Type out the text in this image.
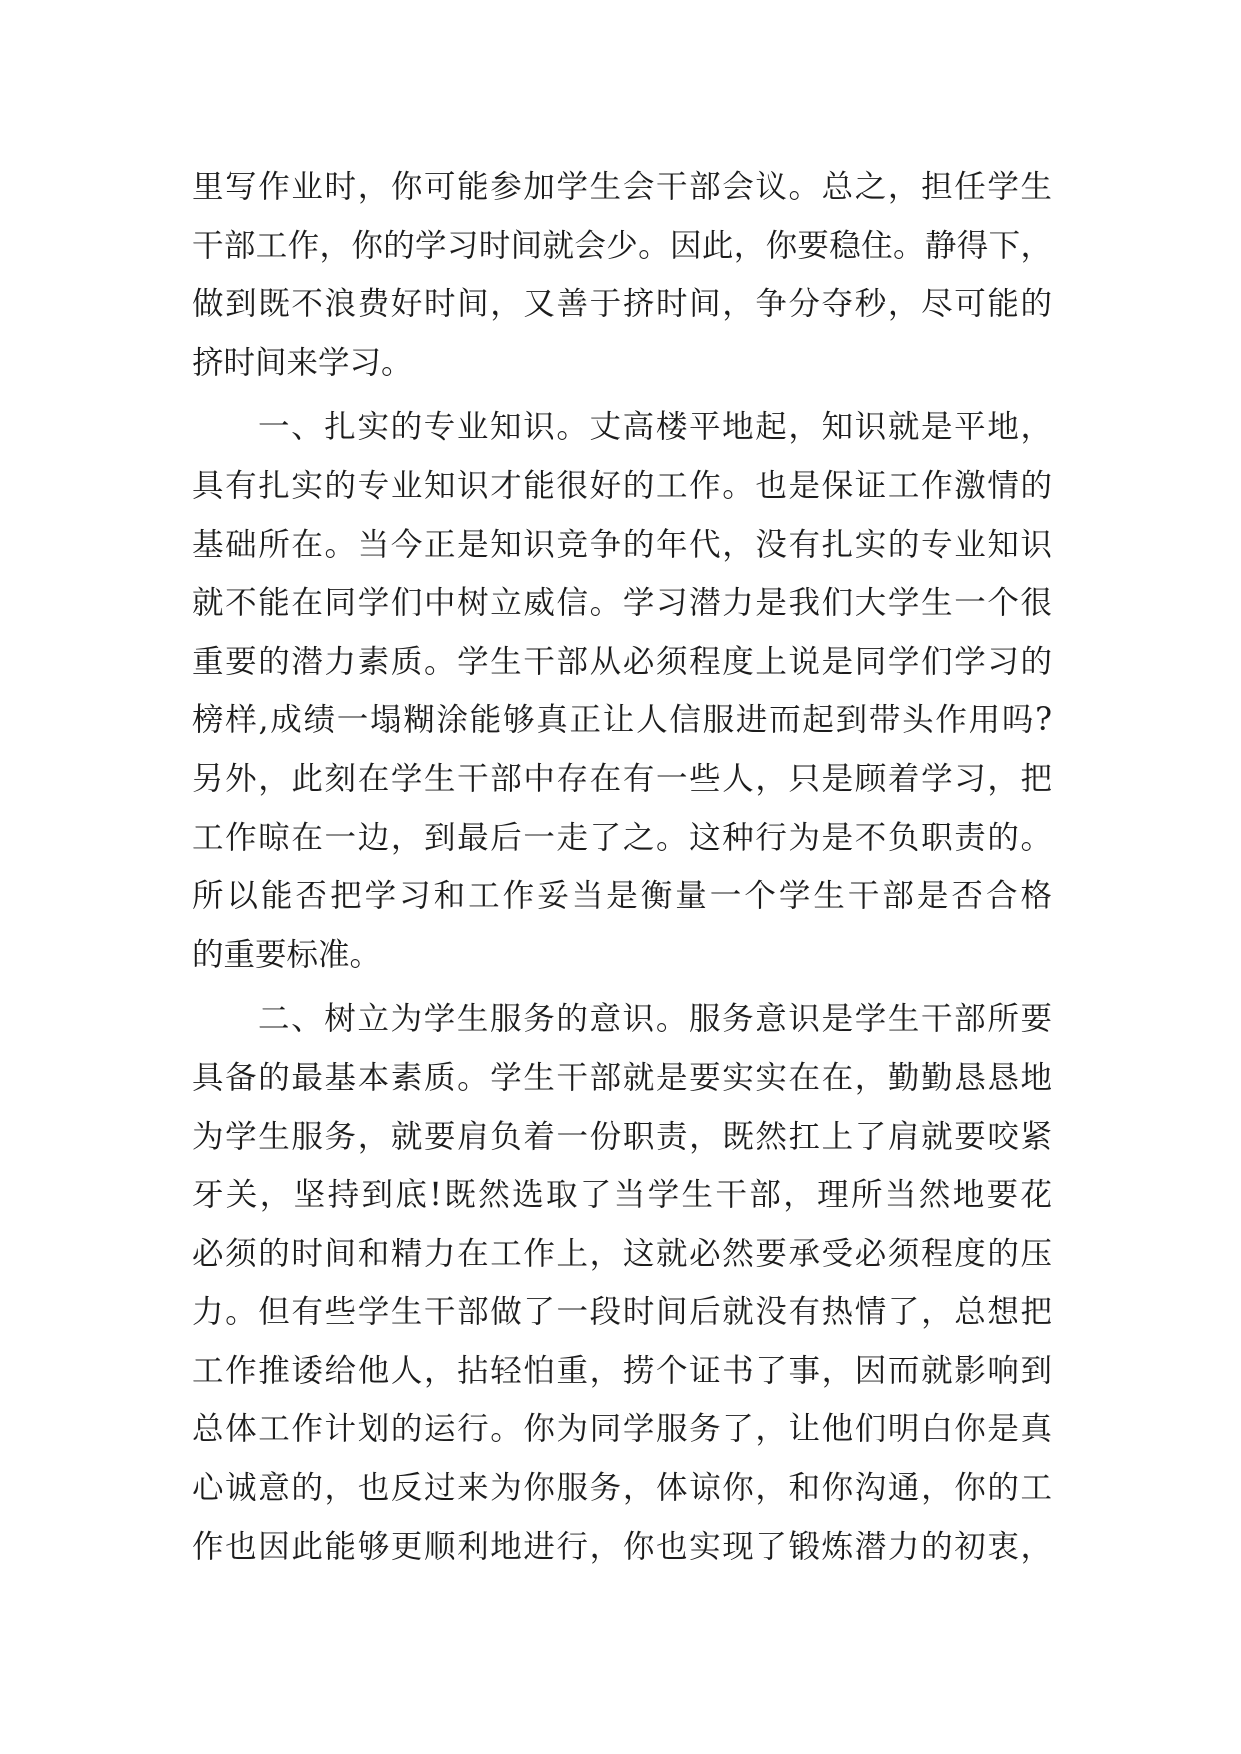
里写作业时，你可能参加学生会干部会议。总之，担任学生
干部工作，你的学习时间就会少。因此，你要稳住。静得下，
做到既不浪费好时间，又善于挤时间，争分夺秒，尽可能的
挤时间来学习。
一、扎实的专业知识。丈高楼平地起，知识就是平地，
具有扎实的专业知识才能很好的工作。也是保证工作激情的
基础所在。当今正是知识竞争的年代，没有扎实的专业知识
就不能在同学们中树立威信。学习潜力是我们大学生一个很
重要的潜力素质。学生干部从必须程度上说是同学们学习的
榜样,成绩一塌糊涂能够真正让人信服进而起到带头作用吗?
另外，此刻在学生干部中存在有一些人，只是顾着学习，把
工作晾在一边，到最后一走了之。这种行为是不负职责的。
所以能否把学习和工作妥当是衡量一个学生干部是否合格
的重要标准。
二、树立为学生服务的意识。服务意识是学生干部所要
具备的最基本素质。学生干部就是要实实在在，勤勤恳恳地
为学生服务，就要肩负着一份职责，既然扛上了肩就要咬紧
牙关，坚持到底!既然选取了当学生干部，理所当然地要花
必须的时间和精力在工作上，这就必然要承受必须程度的压
力。但有些学生干部做了一段时间后就没有热情了，总想把
工作推诿给他人，拈轻怕重，捞个证书了事，因而就影响到
总体工作计划的运行。你为同学服务了，让他们明白你是真
心诚意的，也反过来为你服务，体谅你，和你沟通，你的工
作也因此能够更顺利地进行，你也实现了锻炼潜力的初衷，
